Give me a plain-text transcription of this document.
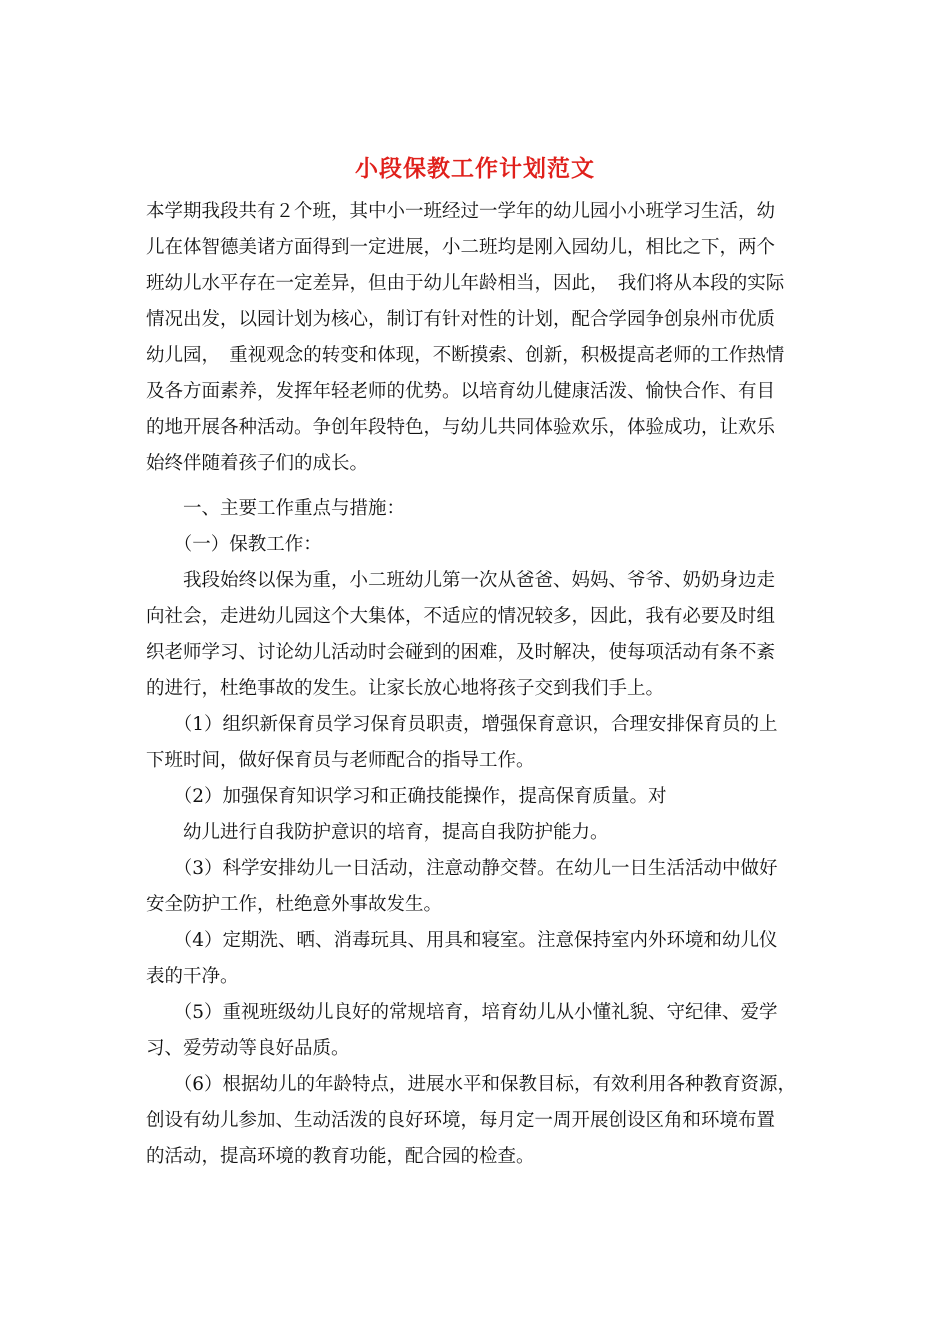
小段保教工作计划范文
本学期我段共有２个班，其中小一班经过一学年的幼儿园小小班学习生活，幼
儿在体智德美诸方面得到一定进展，小二班均是刚入园幼儿，相比之下，两个
班幼儿水平存在一定差异，但由于幼儿年龄相当，因此，　我们将从本段的实际
情况出发，以园计划为核心，制订有针对性的计划，配合学园争创泉州市优质
幼儿园，　重视观念的转变和体现，不断摸索、创新，积极提高老师的工作热情
及各方面素养，发挥年轻老师的优势。以培育幼儿健康活泼、愉快合作、有目
的地开展各种活动。争创年段特色，与幼儿共同体验欢乐，体验成功，让欢乐
始终伴随着孩子们的成长。
　　一、主要工作重点与措施：
　　（一）保教工作：
　　我段始终以保为重，小二班幼儿第一次从爸爸、妈妈、爷爷、奶奶身边走
向社会，走进幼儿园这个大集体，不适应的情况较多，因此，我有必要及时组
织老师学习、讨论幼儿活动时会碰到的困难，及时解决，使每项活动有条不紊
的进行，杜绝事故的发生。让家长放心地将孩子交到我们手上。
　　（1）组织新保育员学习保育员职责，增强保育意识，合理安排保育员的上
下班时间，做好保育员与老师配合的指导工作。
　　（2）加强保育知识学习和正确技能操作，提高保育质量。对
　　幼儿进行自我防护意识的培育，提高自我防护能力。
　　（3）科学安排幼儿一日活动，注意动静交替。在幼儿一日生活活动中做好
安全防护工作，杜绝意外事故发生。
　　（4）定期洗、晒、消毒玩具、用具和寝室。注意保持室内外环境和幼儿仪
表的干净。
　　（5）重视班级幼儿良好的常规培育，培育幼儿从小懂礼貌、守纪律、爱学
习、爱劳动等良好品质。
　　（6）根据幼儿的年龄特点，进展水平和保教目标，有效利用各种教育资源，
创设有幼儿参加、生动活泼的良好环境，每月定一周开展创设区角和环境布置
的活动，提高环境的教育功能，配合园的检查。
